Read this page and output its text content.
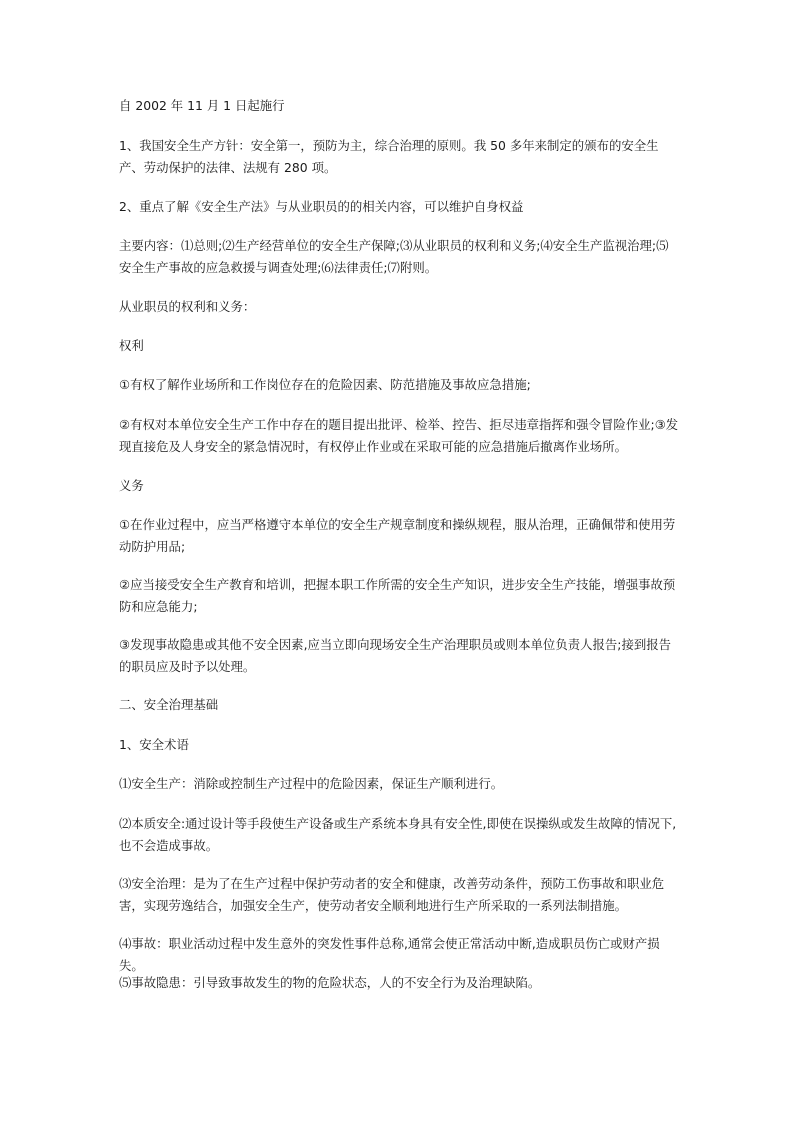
自 2002 年 11 月 1 日起施行

1、我国安全生产方针：安全第一，预防为主，综合治理的原则。我 50 多年来制定的颁布的安全生产、劳动保护的法律、法规有 280 项。

2、重点了解《安全生产法》与从业职员的的相关内容，可以维护自身权益

主要内容：⑴总则;⑵生产经营单位的安全生产保障;⑶从业职员的权利和义务;⑷安全生产监视治理;⑸安全生产事故的应急救援与调查处理;⑹法律责任;⑺附则。

从业职员的权利和义务：

权利

①有权了解作业场所和工作岗位存在的危险因素、防范措施及事故应急措施;

②有权对本单位安全生产工作中存在的题目提出批评、检举、控告、拒尽违章指挥和强令冒险作业;③发现直接危及人身安全的紧急情况时，有权停止作业或在采取可能的应急措施后撤离作业场所。

义务

①在作业过程中，应当严格遵守本单位的安全生产规章制度和操纵规程，服从治理，正确佩带和使用劳动防护用品;

②应当接受安全生产教育和培训，把握本职工作所需的安全生产知识，进步安全生产技能，增强事故预防和应急能力;

③发现事故隐患或其他不安全因素,应当立即向现场安全生产治理职员或则本单位负责人报告;接到报告的职员应及时予以处理。

二、安全治理基础

1、安全术语

⑴安全生产：消除或控制生产过程中的危险因素，保证生产顺利进行。

⑵本质安全:通过设计等手段使生产设备或生产系统本身具有安全性,即使在误操纵或发生故障的情况下,也不会造成事故。

⑶安全治理：是为了在生产过程中保护劳动者的安全和健康，改善劳动条件，预防工伤事故和职业危害，实现劳逸结合，加强安全生产，使劳动者安全顺利地进行生产所采取的一系列法制措施。

⑷事故：职业活动过程中发生意外的突发性事件总称,通常会使正常活动中断,造成职员伤亡或财产损失。

⑸事故隐患：引导致事故发生的物的危险状态，人的不安全行为及治理缺陷。
